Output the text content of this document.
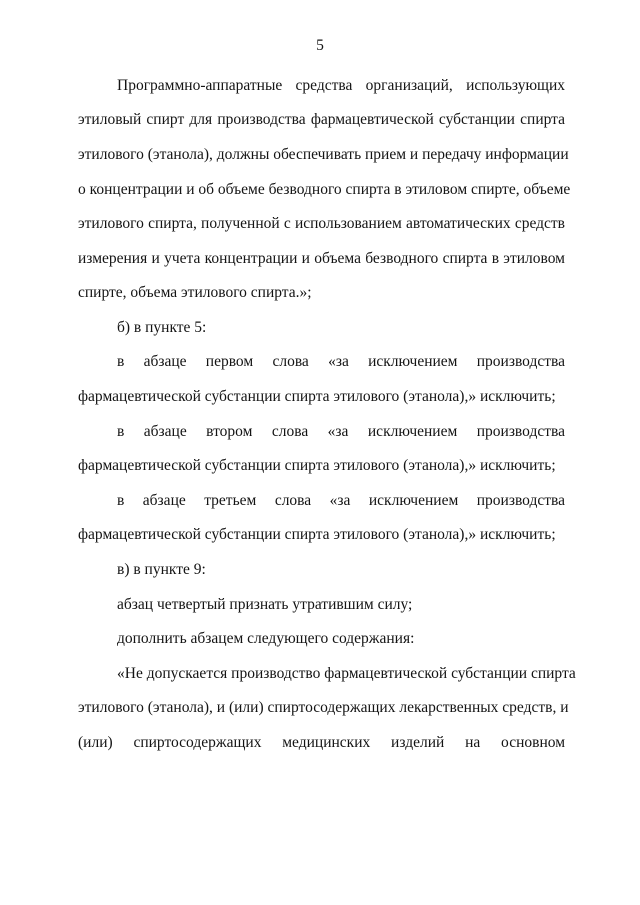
5
Программно-аппаратные средства организаций, использующих
этиловый спирт для производства фармацевтической субстанции спирта
этилового (этанола), должны обеспечивать прием и передачу информации
о концентрации и об объеме безводного спирта в этиловом спирте, объеме
этилового спирта, полученной с использованием автоматических средств
измерения и учета концентрации и объема безводного спирта в этиловом
спирте, объема этилового спирта.»;
б) в пункте 5:
в абзаце первом слова «за исключением производства
фармацевтической субстанции спирта этилового (этанола),» исключить;
в абзаце втором слова «за исключением производства
фармацевтической субстанции спирта этилового (этанола),» исключить;
в абзаце третьем слова «за исключением производства
фармацевтической субстанции спирта этилового (этанола),» исключить;
в) в пункте 9:
абзац четвертый признать утратившим силу;
дополнить абзацем следующего содержания:
«Не допускается производство фармацевтической субстанции спирта
этилового (этанола), и (или) спиртосодержащих лекарственных средств, и
(или) спиртосодержащих медицинских изделий на основном
